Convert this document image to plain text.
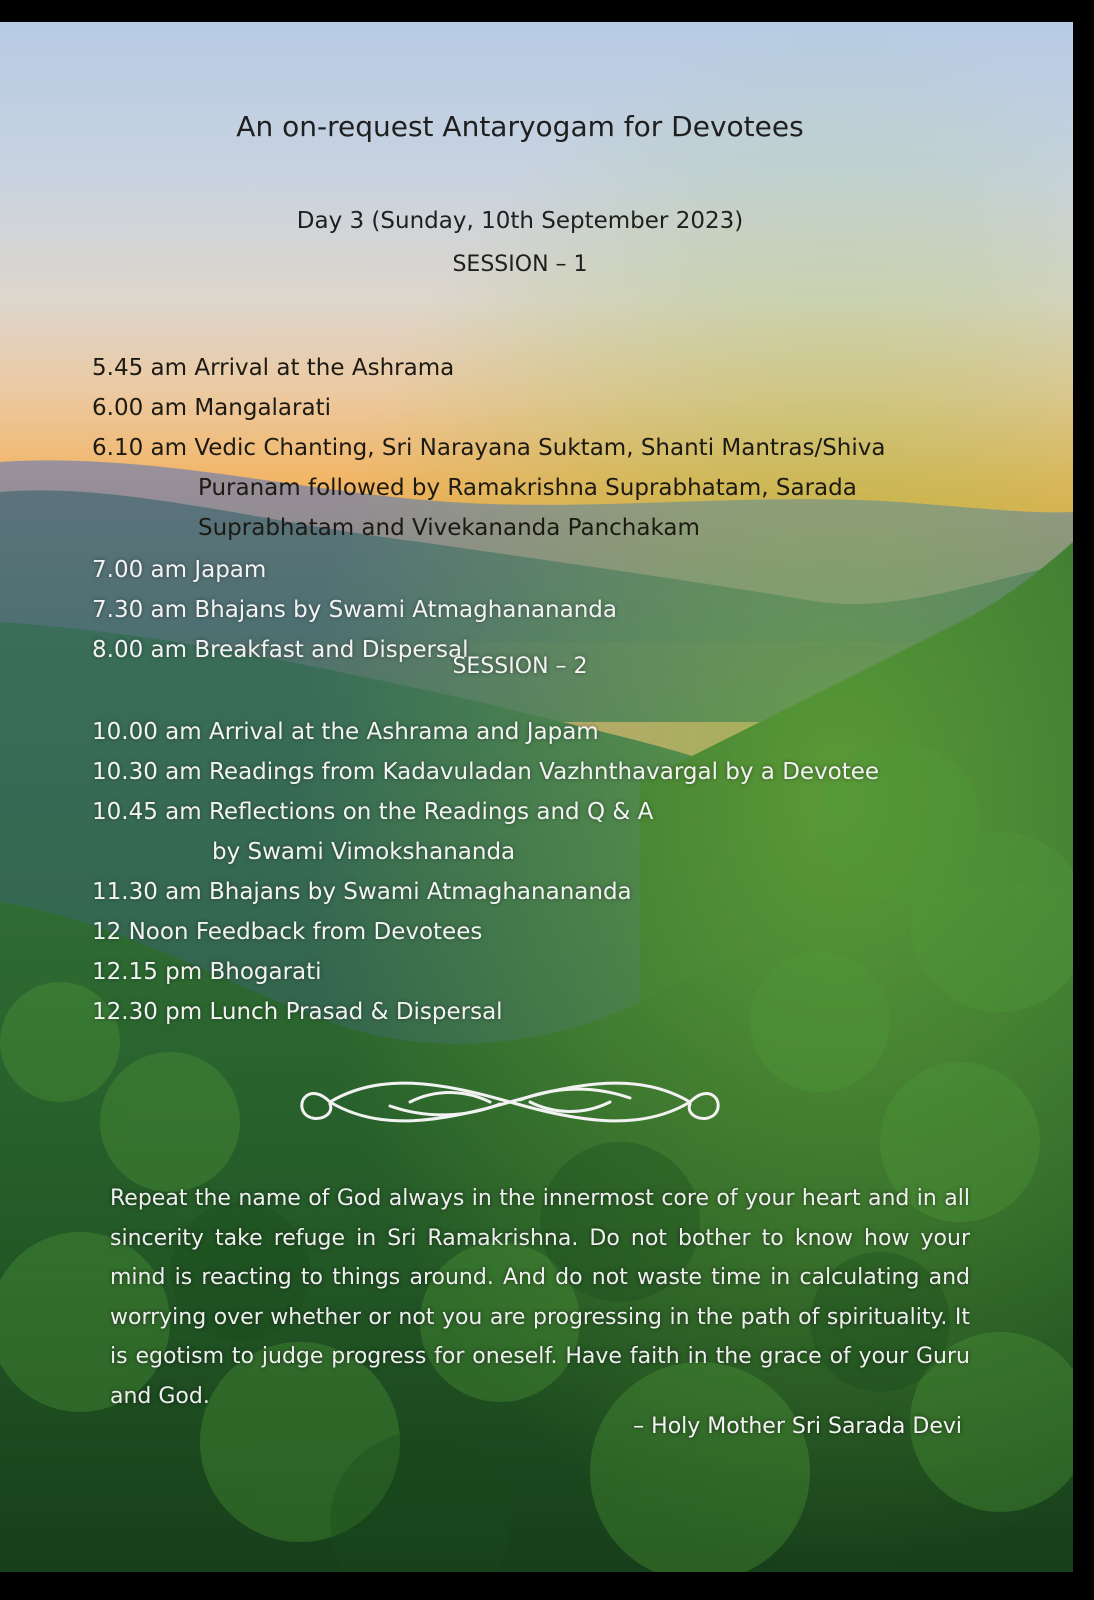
An on-request Antaryogam for Devotees
Day 3 (Sunday, 10th September 2023)
SESSION – 1
5.45 am Arrival at the Ashrama
6.00 am Mangalarati
6.10 am Vedic Chanting, Sri Narayana Suktam, Shanti Mantras/Shiva
Puranam followed by Ramakrishna Suprabhatam, Sarada
Suprabhatam and Vivekananda Panchakam
7.00 am Japam
7.30 am Bhajans by Swami Atmaghanananda
8.00 am Breakfast and Dispersal
SESSION – 2
10.00 am Arrival at the Ashrama and Japam
10.30 am Readings from Kadavuladan Vazhnthavargal by a Devotee
10.45 am Reflections on the Readings and Q & A
by Swami Vimokshananda
11.30 am Bhajans by Swami Atmaghanananda
12 Noon Feedback from Devotees
12.15 pm Bhogarati
12.30 pm Lunch Prasad & Dispersal
Repeat the name of God always in the innermost core of your heart and in all sincerity take refuge in Sri Ramakrishna. Do not bother to know how your mind is reacting to things around. And do not waste time in calculating and worrying over whether or not you are progressing in the path of spirituality. It is egotism to judge progress for oneself. Have faith in the grace of your Guru and God.
– Holy Mother Sri Sarada Devi
